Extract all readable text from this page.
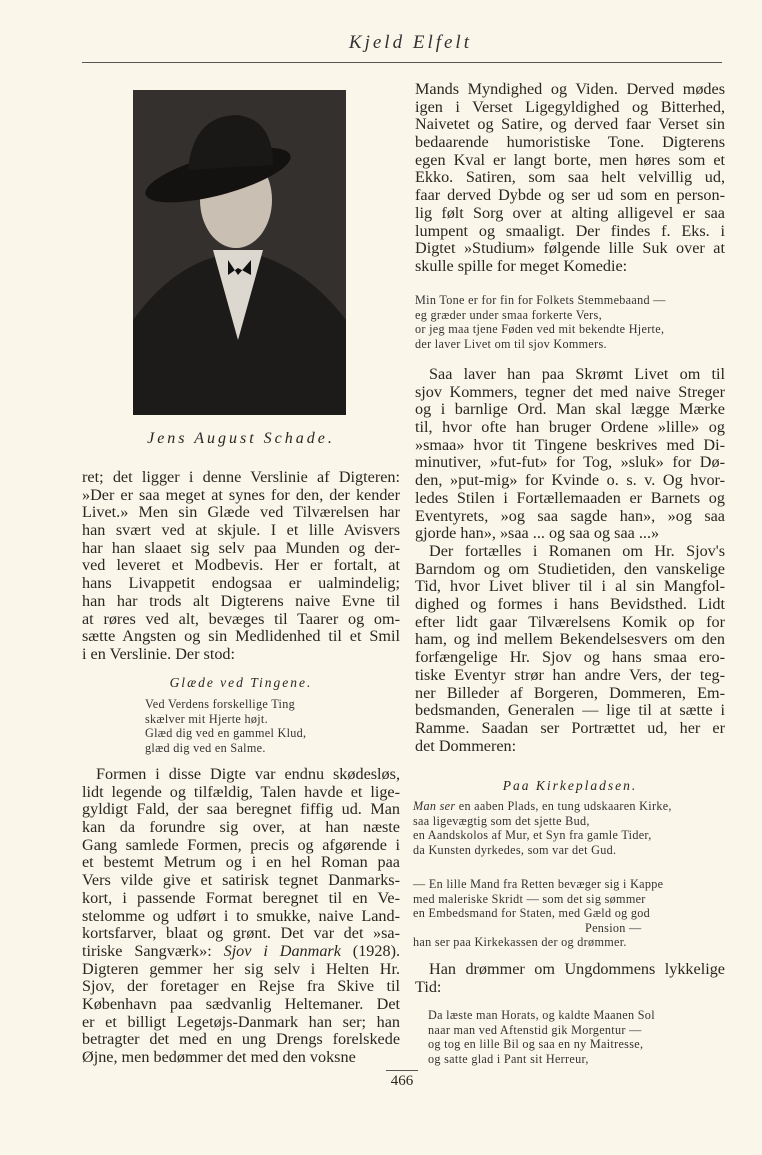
Kjeld Elfelt
Jens August Schade.
ret; det ligger i denne Verslinie af Digteren:
»Der er saa meget at synes for den, der kender
Livet.» Men sin Glæde ved Tilværelsen har
han svært ved at skjule. I et lille Avisvers
har han slaaet sig selv paa Munden og der-
ved leveret et Modbevis. Her er fortalt, at
hans Livappetit endogsaa er ualmindelig;
han har trods alt Digterens naive Evne til
at røres ved alt, bevæges til Taarer og om-
sætte Angsten og sin Medlidenhed til et Smil
i en Verslinie. Der stod:
Glæde ved Tingene.
Ved Verdens forskellige Ting
skælver mit Hjerte højt.
Glæd dig ved en gammel Klud,
glæd dig ved en Salme.
Formen i disse Digte var endnu skødesløs,
lidt legende og tilfældig, Talen havde et lige-
gyldigt Fald, der saa beregnet fiffig ud. Man
kan da forundre sig over, at han næste
Gang samlede Formen, precis og afgørende i
et bestemt Metrum og i en hel Roman paa
Vers vilde give et satirisk tegnet Danmarks-
kort, i passende Format beregnet til en Ve-
stelomme og udført i to smukke, naive Land-
kortsfarver, blaat og grønt. Det var det »sa-
tiriske Sangværk»: Sjov i Danmark (1928).
Digteren gemmer her sig selv i Helten Hr.
Sjov, der foretager en Rejse fra Skive til
København paa sædvanlig Heltemaner. Det
er et billigt Legetøjs-Danmark han ser; han
betragter det med en ung Drengs forelskede
Øjne, men bedømmer det med den voksne
Mands Myndighed og Viden. Derved mødes
igen i Verset Ligegyldighed og Bitterhed,
Naivetet og Satire, og derved faar Verset sin
bedaarende humoristiske Tone. Digterens
egen Kval er langt borte, men høres som et
Ekko. Satiren, som saa helt velvillig ud,
faar derved Dybde og ser ud som en person-
lig følt Sorg over at alting alligevel er saa
lumpent og smaaligt. Der findes f. Eks. i
Digtet »Studium» følgende lille Suk over at
skulle spille for meget Komedie:
Min Tone er for fin for Folkets Stemmebaand —
eg græder under smaa forkerte Vers,
or jeg maa tjene Føden ved mit bekendte Hjerte,
der laver Livet om til sjov Kommers.
Saa laver han paa Skrømt Livet om til
sjov Kommers, tegner det med naive Streger
og i barnlige Ord. Man skal lægge Mærke
til, hvor ofte han bruger Ordene »lille» og
»smaa» hvor tit Tingene beskrives med Di-
minutiver, »fut-fut» for Tog, »sluk» for Dø-
den, »put-mig» for Kvinde o. s. v. Og hvor-
ledes Stilen i Fortællemaaden er Barnets og
Eventyrets, »og saa sagde han», »og saa
gjorde han», »saa ... og saa og saa ...»
Der fortælles i Romanen om Hr. Sjov's
Barndom og om Studietiden, den vanskelige
Tid, hvor Livet bliver til i al sin Mangfol-
dighed og formes i hans Bevidsthed. Lidt
efter lidt gaar Tilværelsens Komik op for
ham, og ind mellem Bekendelsesvers om den
forfængelige Hr. Sjov og hans smaa ero-
tiske Eventyr strør han andre Vers, der teg-
ner Billeder af Borgeren, Dommeren, Em-
bedsmanden, Generalen — lige til at sætte i
Ramme. Saadan ser Portrættet ud, her er
det Dommeren:
Paa Kirkepladsen.
Man ser en aaben Plads, en tung udskaaren Kirke,
saa ligevægtig som det sjette Bud,
en Aandskolos af Mur, et Syn fra gamle Tider,
da Kunsten dyrkedes, som var det Gud.
— En lille Mand fra Retten bevæger sig i Kappe
med maleriske Skridt — som det sig sømmer
en Embedsmand for Staten, med Gæld og god
Pension —
han ser paa Kirkekassen der og drømmer.
Han drømmer om Ungdommens lykkelige
Tid:
Da læste man Horats, og kaldte Maanen Sol
naar man ved Aftenstid gik Morgentur —
og tog en lille Bil og saa en ny Maitresse,
og satte glad i Pant sit Herreur,
466
